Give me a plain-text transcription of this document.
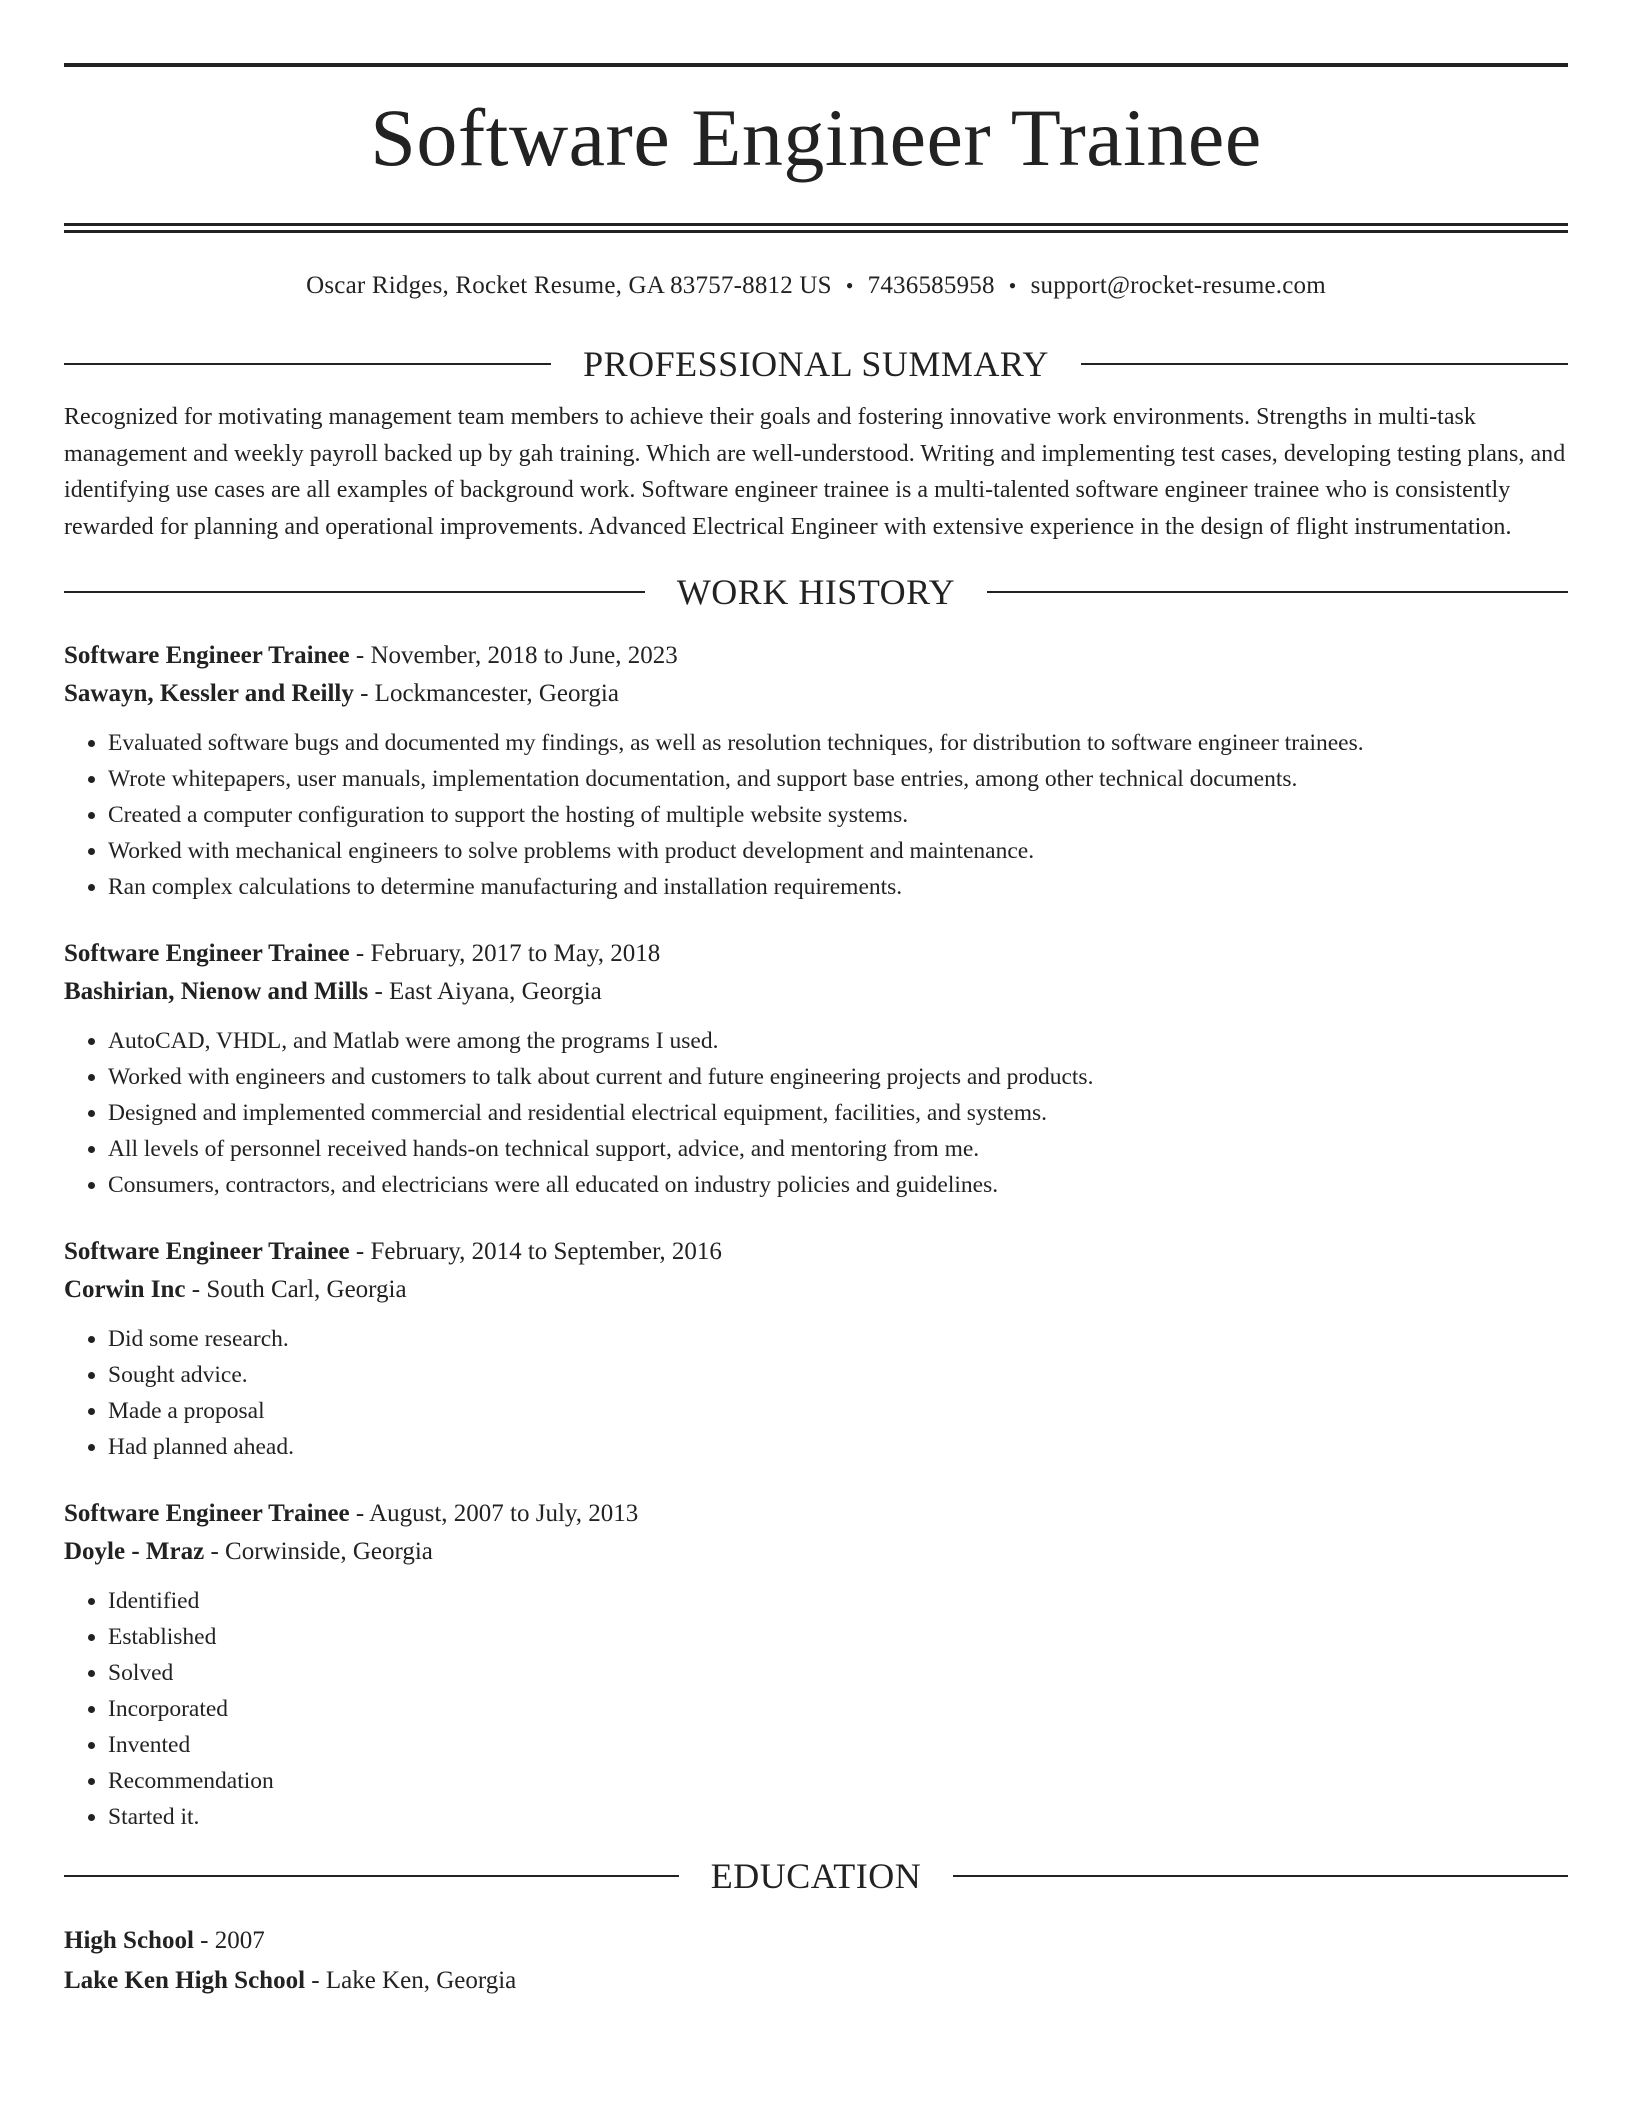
Software Engineer Trainee
Oscar Ridges, Rocket Resume, GA 83757-8812 US • 7436585958 • support@rocket-resume.com
PROFESSIONAL SUMMARY
Recognized for motivating management team members to achieve their goals and fostering innovative work environments. Strengths in multi-task management and weekly payroll backed up by gah training. Which are well-understood. Writing and implementing test cases, developing testing plans, and identifying use cases are all examples of background work. Software engineer trainee is a multi-talented software engineer trainee who is consistently rewarded for planning and operational improvements. Advanced Electrical Engineer with extensive experience in the design of flight instrumentation.
WORK HISTORY
Software Engineer Trainee - November, 2018 to June, 2023
Sawayn, Kessler and Reilly - Lockmancester, Georgia
• Evaluated software bugs and documented my findings, as well as resolution techniques, for distribution to software engineer trainees.
• Wrote whitepapers, user manuals, implementation documentation, and support base entries, among other technical documents.
• Created a computer configuration to support the hosting of multiple website systems.
• Worked with mechanical engineers to solve problems with product development and maintenance.
• Ran complex calculations to determine manufacturing and installation requirements.
Software Engineer Trainee - February, 2017 to May, 2018
Bashirian, Nienow and Mills - East Aiyana, Georgia
• AutoCAD, VHDL, and Matlab were among the programs I used.
• Worked with engineers and customers to talk about current and future engineering projects and products.
• Designed and implemented commercial and residential electrical equipment, facilities, and systems.
• All levels of personnel received hands-on technical support, advice, and mentoring from me.
• Consumers, contractors, and electricians were all educated on industry policies and guidelines.
Software Engineer Trainee - February, 2014 to September, 2016
Corwin Inc - South Carl, Georgia
• Did some research.
• Sought advice.
• Made a proposal
• Had planned ahead.
Software Engineer Trainee - August, 2007 to July, 2013
Doyle - Mraz - Corwinside, Georgia
• Identified
• Established
• Solved
• Incorporated
• Invented
• Recommendation
• Started it.
EDUCATION
High School - 2007
Lake Ken High School - Lake Ken, Georgia
